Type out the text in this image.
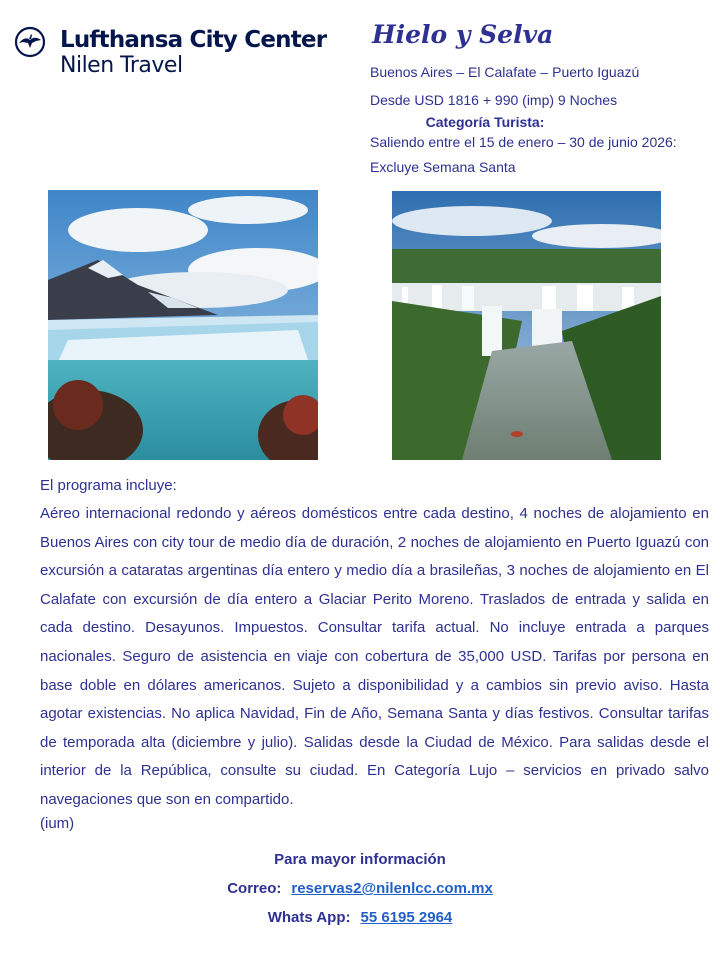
Lufthansa City Center
Nilen Travel
Hielo y Selva
Buenos Aires – El Calafate – Puerto Iguazú
Desde USD 1816 + 990 (imp) 9 Noches
Categoría Turista:
Saliendo entre el 15 de enero – 30 de junio 2026:
Excluye Semana Santa

El programa incluye:

Aéreo internacional redondo y aéreos domésticos entre cada destino, 4 noches de alojamiento en Buenos Aires con city tour de medio día de duración, 2 noches de alojamiento en Puerto Iguazú con excursión a cataratas argentinas día entero y medio día a brasileñas, 3 noches de alojamiento en El Calafate con excursión de día entero a Glaciar Perito Moreno. Traslados de entrada y salida en cada destino. Desayunos. Impuestos. Consultar tarifa actual. No incluye entrada a parques nacionales. Seguro de asistencia en viaje con cobertura de 35,000 USD. Tarifas por persona en base doble en dólares americanos. Sujeto a disponibilidad y a cambios sin previo aviso. Hasta agotar existencias. No aplica Navidad, Fin de Año, Semana Santa y días festivos. Consultar tarifas de temporada alta (diciembre y julio). Salidas desde la Ciudad de México. Para salidas desde el interior de la República, consulte su ciudad. En Categoría Lujo – servicios en privado salvo navegaciones que son en compartido.

(ium)

Para mayor información
Correo: reservas2@nilenlcc.com.mx
Whats App: 55 6195 2964
